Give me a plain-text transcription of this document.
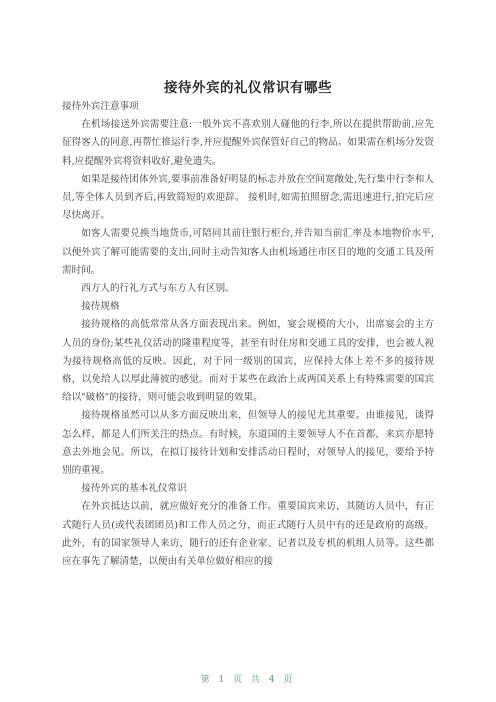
接待外宾的礼仪常识有哪些

接待外宾注意事项

在机场接送外宾需要注意:一般外宾不喜欢别人碰他的行李,所以在提供帮助前,应先征得客人的同意,再帮忙推运行李,并应提醒外宾保管好自己的物品。如果需在机场分发资料,应提醒外宾将资料收好,避免遗失。

如果是接待团体外宾,要事前准备好明显的标志并放在空间宽敞处,先行集中行李和人员,等全体人员到齐后,再致简短的欢迎辞。 接机时,如需拍照留念,需迅速进行,拍完后应尽快离开。

如客人需要兑换当地货币,可陪同其前往银行柜台,并告知当前汇率及本地物价水平,以便外宾了解可能需要的支出,同时主动告知客人由机场通往市区目的地的交通工具及所需时间。

西方人的行礼方式与东方人有区别。

接待规格

接待规格的高低常常从各方面表现出来。例如，宴会规模的大小，出席宴会的主方人员的身份;某些礼仪活动的隆重程度等，甚至有时住房和交通工具的安排，也会被人视为接待规格高低的反映。因此，对于同一级别的国宾，应保持大体上差不多的接待规格，以免给人以厚此薄彼的感觉。而对于某些在政治上或两国关系上有特殊需要的国宾给以"破格"的接待，则可能会收到明显的效果。

接待规格虽然可以从多方面反映出来，但领导人的接见尤其重要。由谁接见，谈得怎么样，都是人们所关注的热点。有时候，东道国的主要领导人不在首都，来宾亦愿特意去外地会见。所以，在拟订接待计划和安排活动日程时，对领导人的接见，要给予特别的重视。

接待外宾的基本礼仪常识

在外宾抵达以前，就应做好充分的准备工作。重要国宾来访，其随访人员中，有正式随行人员(或代表团团员)和工作人员之分，而正式随行人员中有的还是政府的高级。此外，有的国家领导人来访，随行的还有企业家、记者以及专机的机组人员等。这些都应在事先了解清楚，以便由有关单位做好相应的接

第 1 页 共 4 页
